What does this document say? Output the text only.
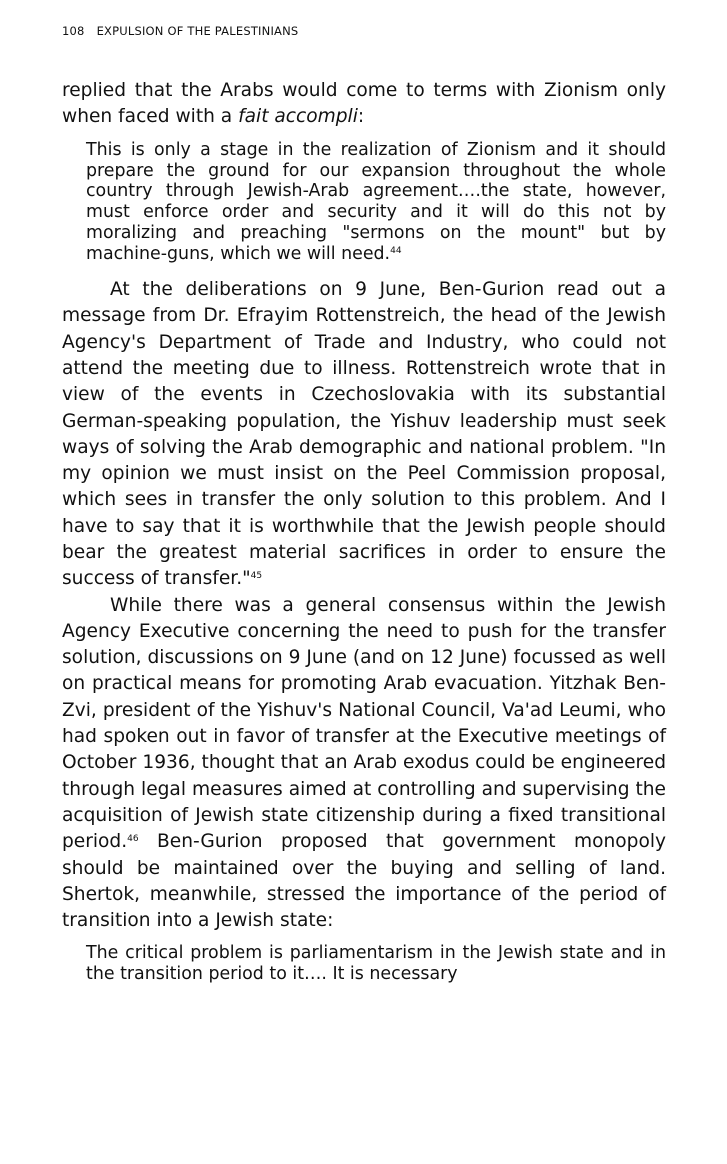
108 EXPULSION OF THE PALESTINIANS

replied that the Arabs would come to terms with Zionism only when faced with a fait accompli:

This is only a stage in the realization of Zionism and it should prepare the ground for our expansion throughout the whole country through Jewish-Arab agreement….the state, however, must enforce order and security and it will do this not by moralizing and preaching "sermons on the mount" but by machine-guns, which we will need.$^{44}$

At the deliberations on 9 June, Ben-Gurion read out a message from Dr. Efrayim Rottenstreich, the head of the Jewish Agency's Department of Trade and Industry, who could not attend the meeting due to illness. Rottenstreich wrote that in view of the events in Czechoslovakia with its substantial German-speaking population, the Yishuv leadership must seek ways of solving the Arab demographic and national problem. "In my opinion we must insist on the Peel Commission proposal, which sees in transfer the only solution to this problem. And I have to say that it is worthwhile that the Jewish people should bear the greatest material sacrifices in order to ensure the success of transfer."$^{45}$

While there was a general consensus within the Jewish Agency Executive concerning the need to push for the transfer solution, discussions on 9 June (and on 12 June) focussed as well on practical means for promoting Arab evacuation. Yitzhak Ben-Zvi, president of the Yishuv's National Council, Va'ad Leumi, who had spoken out in favor of transfer at the Executive meetings of October 1936, thought that an Arab exodus could be engineered through legal measures aimed at controlling and supervising the acquisition of Jewish state citizenship during a fixed transitional period.$^{46}$ Ben-Gurion proposed that government monopoly should be maintained over the buying and selling of land. Shertok, meanwhile, stressed the importance of the period of transition into a Jewish state:

The critical problem is parliamentarism in the Jewish state and in the transition period to it…. It is necessary
